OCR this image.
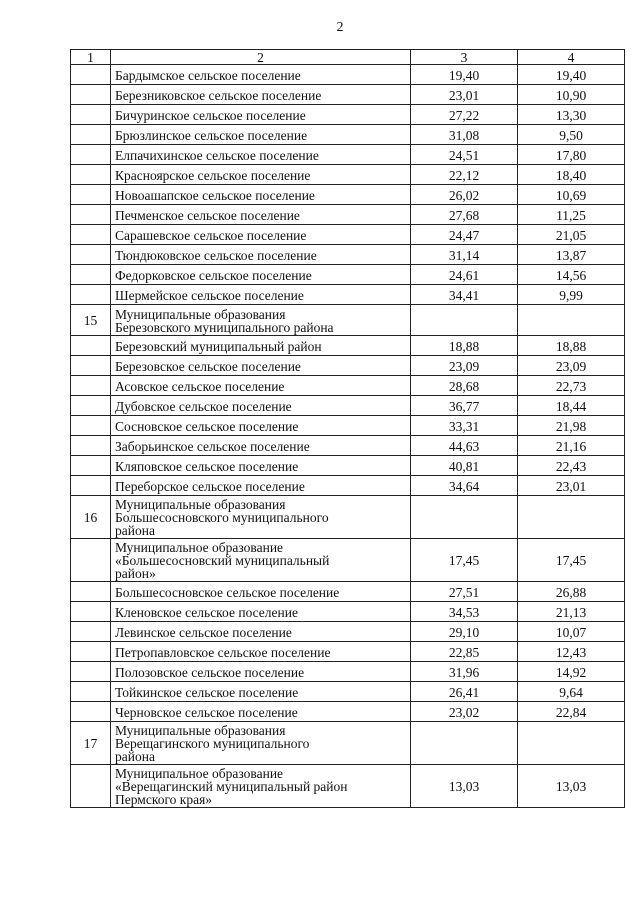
2
1	2	3	4

	Бардымское сельское поселение	19,40	19,40

	Березниковское сельское поселение	23,01	10,90

	Бичуринское сельское поселение	27,22	13,30

	Брюзлинское сельское поселение	31,08	9,50

	Елпачихинское сельское поселение	24,51	17,80

	Красноярское сельское поселение	22,12	18,40

	Новоашапское сельское поселение	26,02	10,69

	Печменское сельское поселение	27,68	11,25

	Сарашевское сельское поселение	24,47	21,05

	Тюндюковское сельское поселение	31,14	13,87

	Федорковское сельское поселение	24,61	14,56

	Шермейское сельское поселение	34,41	9,99
15	Муниципальные образования
Березовского муниципального района		

	Березовский муниципальный район	18,88	18,88

	Березовское сельское поселение	23,09	23,09

	Асовское сельское поселение	28,68	22,73

	Дубовское сельское поселение	36,77	18,44

	Сосновское сельское поселение	33,31	21,98

	Заборьинское сельское поселение	44,63	21,16

	Кляповское сельское поселение	40,81	22,43

	Переборское сельское поселение	34,64	23,01
16	Муниципальные образования
Большесосновского муниципального
района		

	Муниципальное образование
«Большесосновский муниципальный
район»	17,45	17,45

	Большесосновское сельское поселение	27,51	26,88

	Кленовское сельское поселение	34,53	21,13

	Левинское сельское поселение	29,10	10,07

	Петропавловское сельское поселение	22,85	12,43

	Полозовское сельское поселение	31,96	14,92

	Тойкинское сельское поселение	26,41	9,64

	Черновское сельское поселение	23,02	22,84
17	Муниципальные образования
Верещагинского муниципального
района		

	Муниципальное образование
«Верещагинский муниципальный район
Пермского края»	13,03	13,03
